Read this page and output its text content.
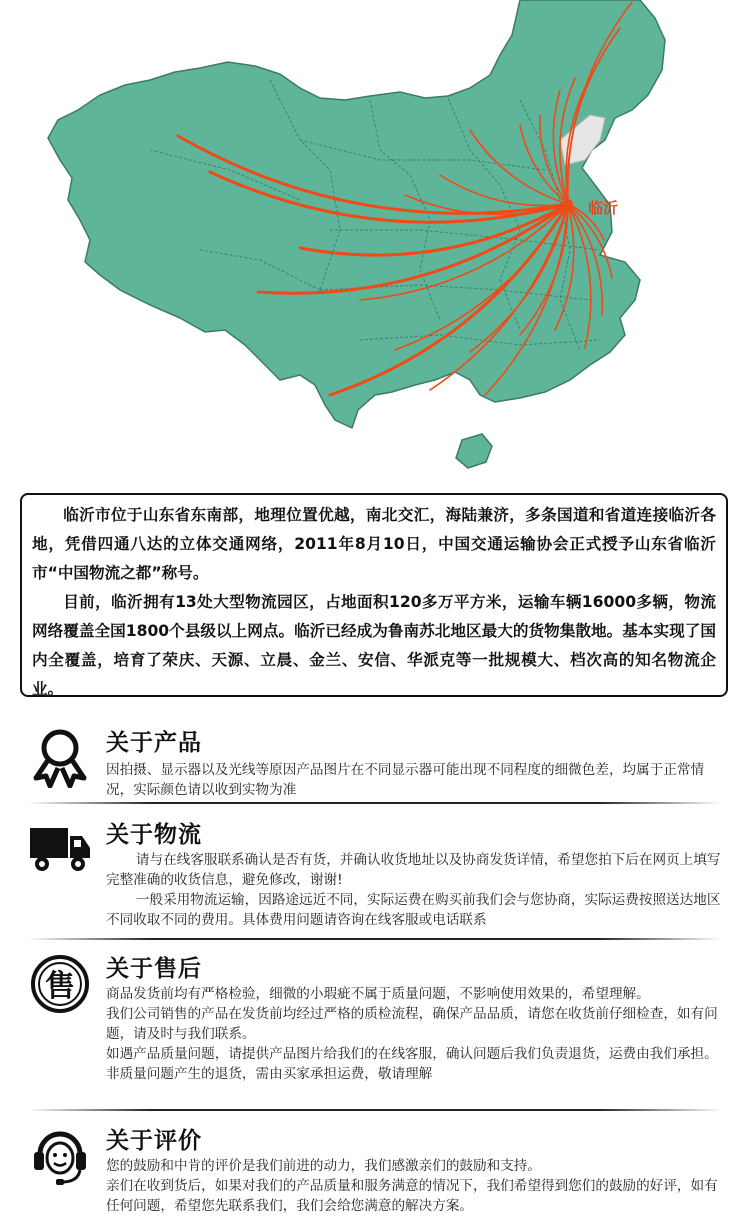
临沂

临沂市位于山东省东南部，地理位置优越，南北交汇，海陆兼济，多条国道和省道连接临沂各地，凭借四通八达的立体交通网络，2011年8月10日，中国交通运输协会正式授予山东省临沂市“中国物流之都”称号。

目前，临沂拥有13处大型物流园区，占地面积120多万平方米，运输车辆16000多辆，物流网络覆盖全国1800个县级以上网点。临沂已经成为鲁南苏北地区最大的货物集散地。基本实现了国内全覆盖，培育了荣庆、天源、立晨、金兰、安信、华派克等一批规模大、档次高的知名物流企业。

关于产品

因拍摄、显示器以及光线等原因产品图片在不同显示器可能出现不同程度的细微色差，均属于正常情况，实际颜色请以收到实物为准

关于物流

请与在线客服联系确认是否有货，并确认收货地址以及协商发货详情，希望您拍下后在网页上填写完整准确的收货信息，避免修改，谢谢!

一般采用物流运输，因路途远近不同，实际运费在购买前我们会与您协商，实际运费按照送达地区不同收取不同的费用。具体费用问题请咨询在线客服或电话联系

售 关于售后

商品发货前均有严格检验，细微的小瑕疵不属于质量问题，不影响使用效果的，希望理解。

我们公司销售的产品在发货前均经过严格的质检流程，确保产品品质，请您在收货前仔细检查，如有问题，请及时与我们联系。

如遇产品质量问题，请提供产品图片给我们的在线客服，确认问题后我们负责退货，运费由我们承担。非质量问题产生的退货，需由买家承担运费，敬请理解

关于评价

您的鼓励和中肯的评价是我们前进的动力，我们感激亲们的鼓励和支持。

亲们在收到货后，如果对我们的产品质量和服务满意的情况下，我们希望得到您们的鼓励的好评，如有任何问题，希望您先联系我们，我们会给您满意的解决方案。
